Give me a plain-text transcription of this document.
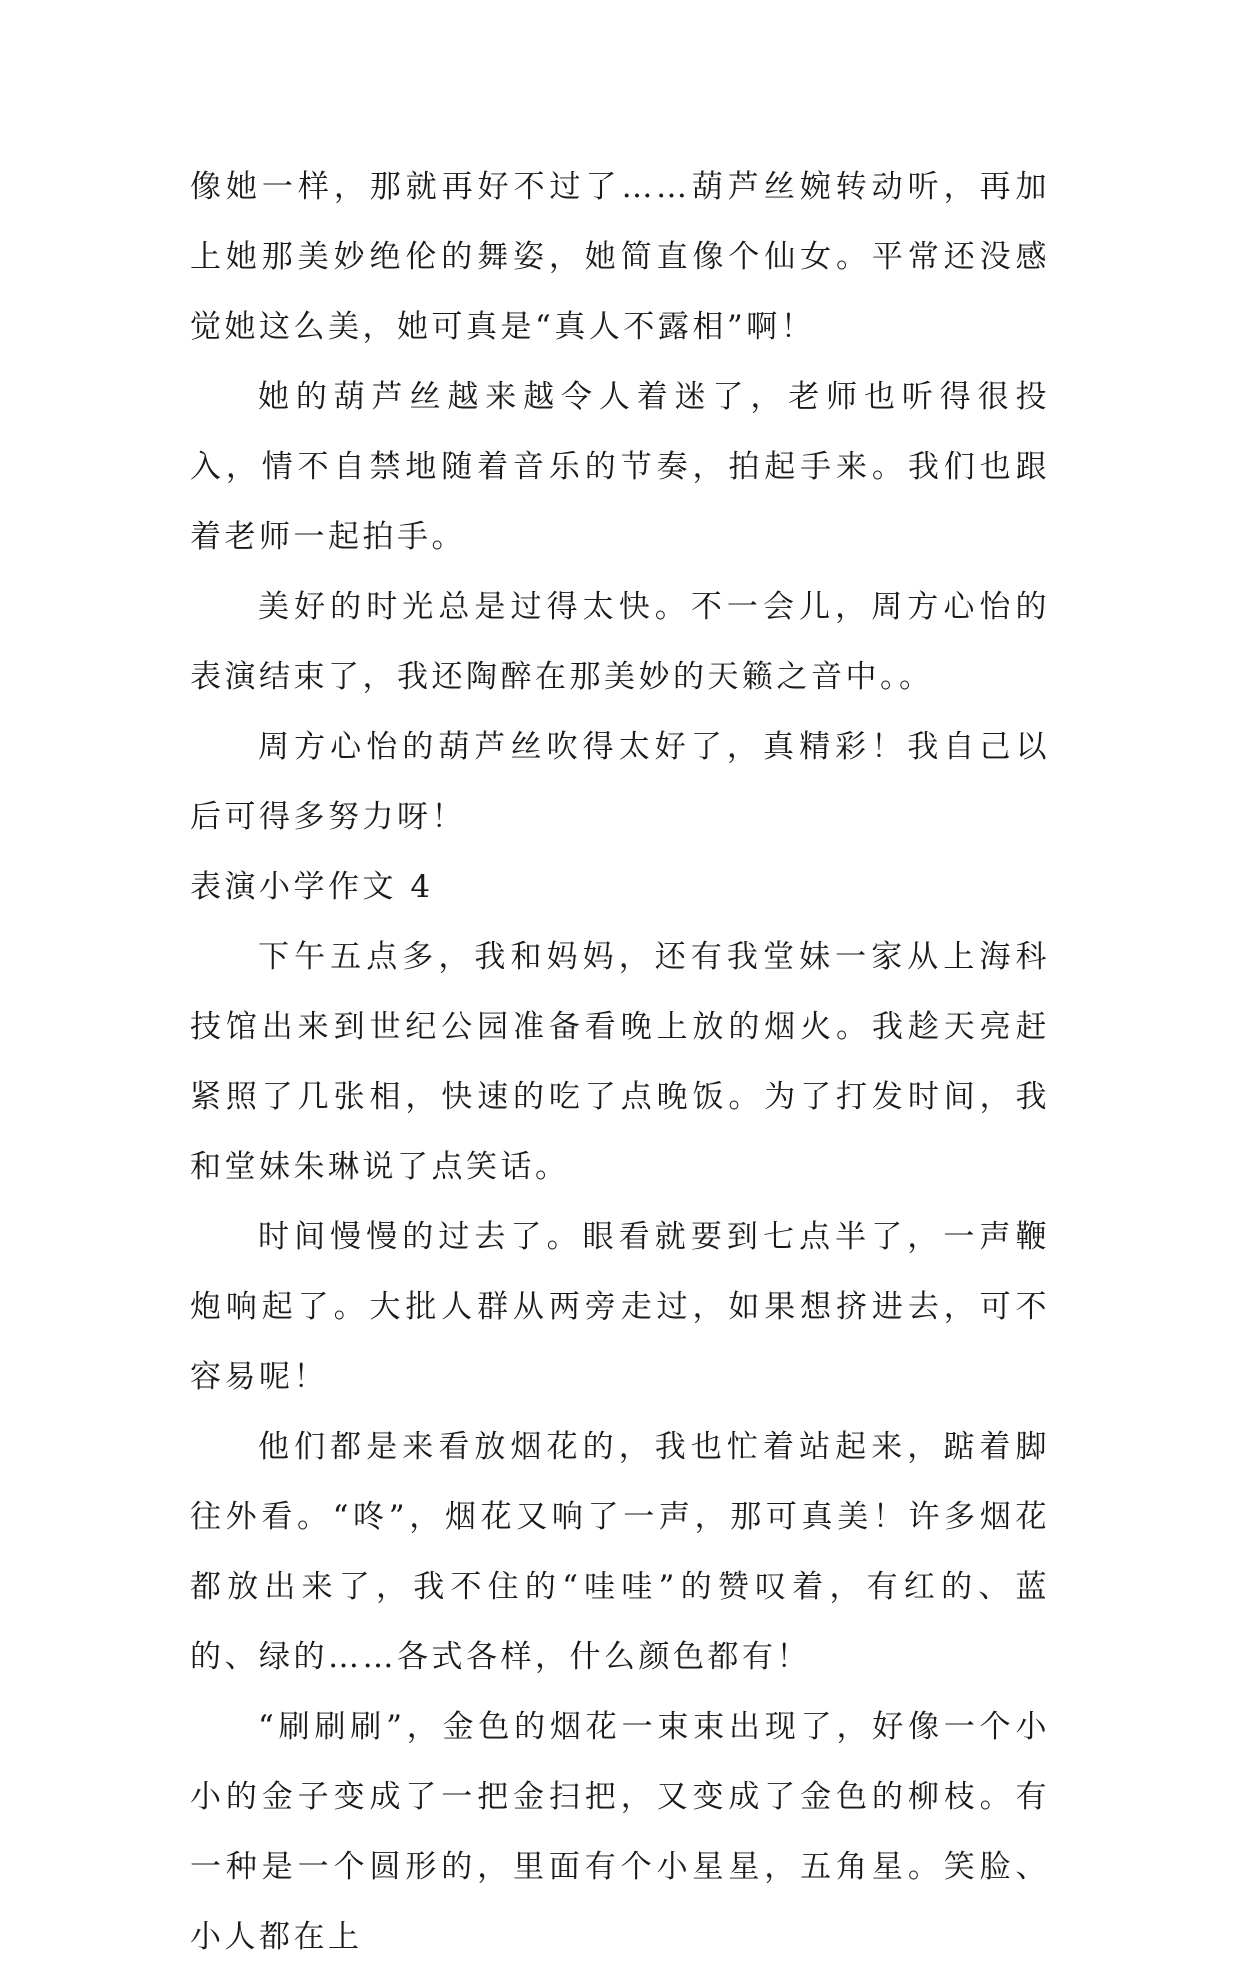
像她一样，那就再好不过了……葫芦丝婉转动听，再加上她那美妙绝伦的舞姿，她简直像个仙女。平常还没感觉她这么美，她可真是“真人不露相”啊！

她的葫芦丝越来越令人着迷了，老师也听得很投入，情不自禁地随着音乐的节奏，拍起手来。我们也跟着老师一起拍手。

美好的时光总是过得太快。不一会儿，周方心怡的表演结束了，我还陶醉在那美妙的天籁之音中。。

周方心怡的葫芦丝吹得太好了，真精彩！我自己以后可得多努力呀！

表演小学作文 4

下午五点多，我和妈妈，还有我堂妹一家从上海科技馆出来到世纪公园准备看晚上放的烟火。我趁天亮赶紧照了几张相，快速的吃了点晚饭。为了打发时间，我和堂妹朱琳说了点笑话。

时间慢慢的过去了。眼看就要到七点半了，一声鞭炮响起了。大批人群从两旁走过，如果想挤进去，可不容易呢！

他们都是来看放烟花的，我也忙着站起来，踮着脚往外看。“咚”，烟花又响了一声，那可真美！许多烟花都放出来了，我不住的“哇哇”的赞叹着，有红的、蓝的、绿的……各式各样，什么颜色都有！

“刷刷刷”，金色的烟花一束束出现了，好像一个小小的金子变成了一把金扫把，又变成了金色的柳枝。有一种是一个圆形的，里面有个小星星，五角星。笑脸、小人都在上
